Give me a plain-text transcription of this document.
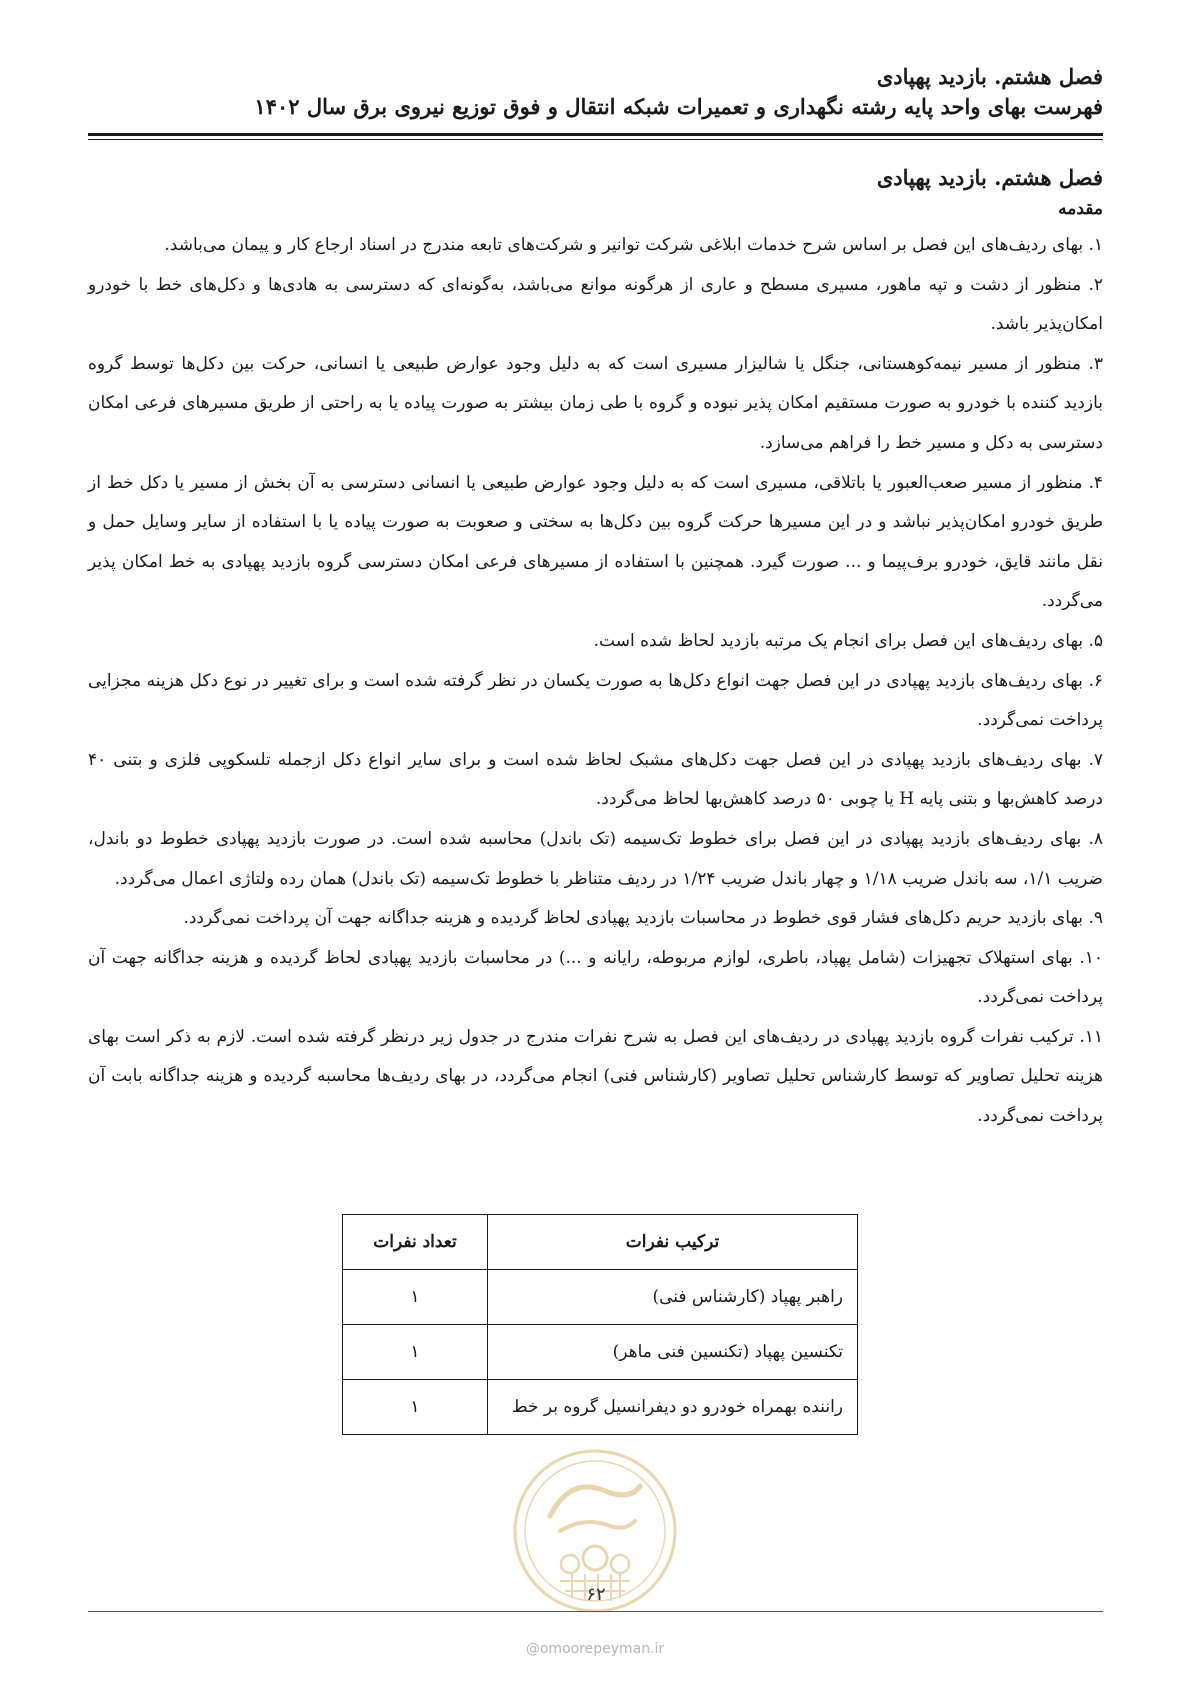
فصل هشتم. بازدید پهپادی
فهرست بهای واحد پایه رشته نگهداری و تعمیرات شبکه انتقال و فوق توزیع نیروی برق سال ۱۴۰۲
فصل هشتم. بازدید پهپادی
مقدمه

۱. بهای ردیف‌های این فصل بر اساس شرح خدمات ابلاغی شرکت توانیر و شرکت‌های تابعه مندرج در اسناد ارجاع کار و پیمان می‌باشد.

۲. منظور از دشت و تپه ماهور، مسیری مسطح و عاری از هرگونه موانع می‌باشد، به‌گونه‌ای که دسترسی به هادی‌ها و دکل‌های خط با خودرو امکان‌پذیر باشد.

۳. منظور از مسیر نیمه‌کوهستانی، جنگل یا شالیزار مسیری است که به دلیل وجود عوارض طبیعی یا انسانی، حرکت بین دکل‌ها توسط گروه بازدید کننده با خودرو به صورت مستقیم امکان پذیر نبوده و گروه با طی زمان بیشتر به صورت پیاده یا به راحتی از طریق مسیرهای فرعی امکان دسترسی به دکل و مسیر خط را فراهم می‌سازد.

۴. منظور از مسیر صعب‌العبور یا باتلاقی، مسیری است که به دلیل وجود عوارض طبیعی یا انسانی دسترسی به آن بخش از مسیر یا دکل خط از طریق خودرو امکان‌پذیر نباشد و در این مسیرها حرکت گروه بین دکل‌ها به سختی و صعوبت به صورت پیاده یا با استفاده از سایر وسایل حمل و نقل مانند قایق، خودرو برف‌پیما و ... صورت گیرد. همچنین با استفاده از مسیرهای فرعی امکان دسترسی گروه بازدید پهپادی به خط امکان پذیر می‌گردد.

۵. بهای ردیف‌های این فصل برای انجام یک مرتبه بازدید لحاظ شده است.

۶. بهای ردیف‌های بازدید پهپادی در این فصل جهت انواع دکل‌ها به صورت یکسان در نظر گرفته شده است و برای تغییر در نوع دکل هزینه مجزایی پرداخت نمی‌گردد.

۷. بهای ردیف‌های بازدید پهپادی در این فصل جهت دکل‌های مشبک لحاظ شده است و برای سایر انواع دکل ازجمله تلسکوپی فلزی و بتنی ۴۰ درصد کاهش‌بها و بتنی پایه H یا چوبی ۵۰ درصد کاهش‌بها لحاظ می‌گردد.

۸. بهای ردیف‌های بازدید پهپادی در این فصل برای خطوط تک‌سیمه (تک باندل) محاسبه شده است. در صورت بازدید پهپادی خطوط دو باندل، ضریب ۱/۱، سه باندل ضریب ۱/۱۸ و چهار باندل ضریب ۱/۲۴ در ردیف متناظر با خطوط تک‌سیمه (تک باندل) همان رده ولتاژی اعمال می‌گردد.

۹. بهای بازدید حریم دکل‌های فشار قوی خطوط در محاسبات بازدید پهپادی لحاظ گردیده و هزینه جداگانه جهت آن پرداخت نمی‌گردد.

۱۰. بهای استهلاک تجهیزات (شامل پهپاد، باطری، لوازم مربوطه، رایانه و ...) در محاسبات بازدید پهپادی لحاظ گردیده و هزینه جداگانه جهت آن پرداخت نمی‌گردد.

۱۱. ترکیب نفرات گروه بازدید پهپادی در ردیف‌های این فصل به شرح نفرات مندرج در جدول زیر درنظر گرفته شده است. لازم به ذکر است بهای هزینه تحلیل تصاویر که توسط کارشناس تحلیل تصاویر (کارشناس فنی) انجام می‌گردد، در بهای ردیف‌ها محاسبه گردیده و هزینه جداگانه بابت آن پرداخت نمی‌گردد.

ترکیب نفرات	تعداد نفرات
راهبر پهپاد (کارشناس فنی)	۱
تکنسین پهپاد (تکنسین فنی ماهر)	۱
راننده بهمراه خودرو دو دیفرانسیل گروه بر خط	۱
۶۲
@omoorepeyman.ir
